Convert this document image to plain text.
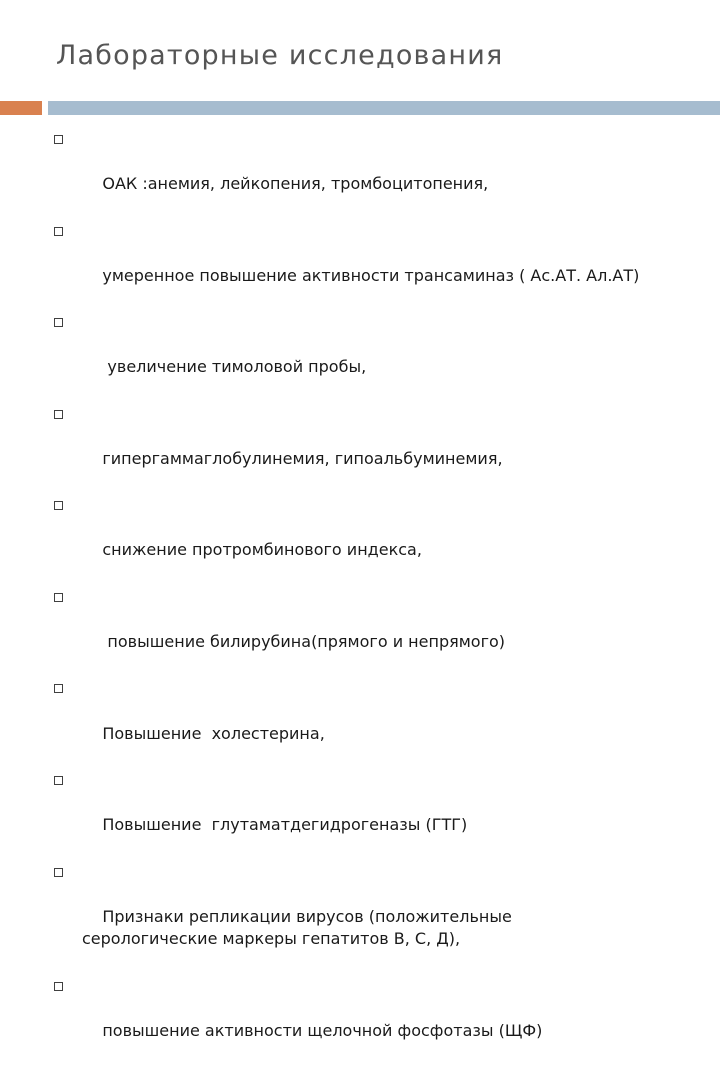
Лабораторные исследования

ОАК :анемия, лейкопения, тромбоцитопения,

умеренное повышение активности трансаминаз ( Ас.АТ. Ал.АТ)

увеличение тимоловой пробы,

гипергаммаглобулинемия, гипоальбуминемия,

снижение протромбинового индекса,

повышение билирубина(прямого и непрямого)

Повышение  холестерина,

Повышение  глутаматдегидрогеназы (ГТГ)

Признаки репликации вирусов (положительные
серологические маркеры гепатитов В, С, Д),

повышение активности щелочной фосфотазы (ЩФ)
